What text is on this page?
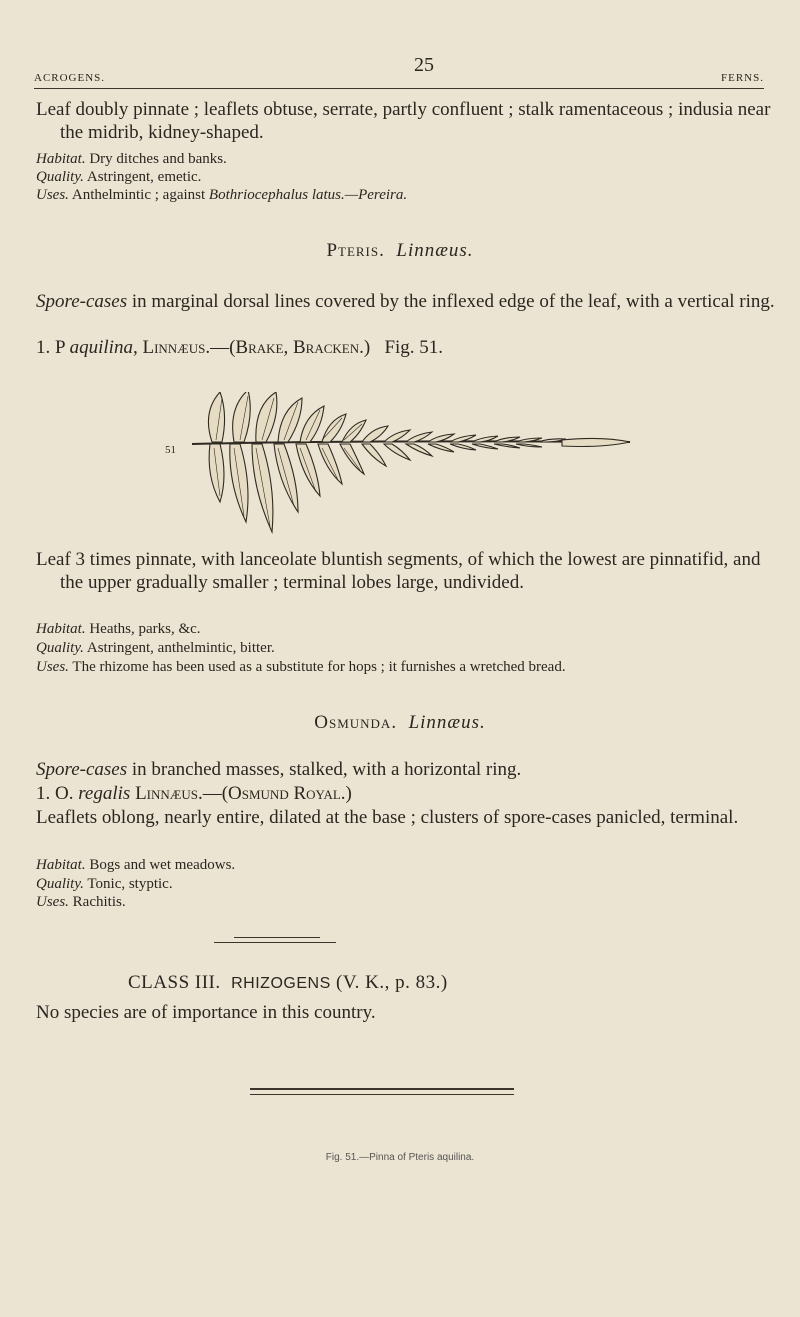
ACROGENS.
25
FERNS.

Leaf doubly pinnate ; leaflets obtuse, serrate, partly confluent ; stalk ramentaceous ; indusia near the midrib, kidney-shaped.

Habitat. Dry ditches and banks.

Quality. Astringent, emetic.

Uses. Anthelmintic ; against Bothriocephalus latus.—Pereira.

Pteris. Linnæus.

Spore-cases in marginal dorsal lines covered by the inflexed edge of the leaf, with a vertical ring.

1. P aquilina, Linnæus.—(Brake, Bracken.) Fig. 51.

51

Leaf 3 times pinnate, with lanceolate bluntish segments, of which the lowest are pinnatifid, and the upper gradually smaller ; terminal lobes large, undivided.

Habitat. Heaths, parks, &c.

Quality. Astringent, anthelmintic, bitter.

Uses. The rhizome has been used as a substitute for hops ; it furnishes a wretched bread.

Osmunda. Linnæus.

Spore-cases in branched masses, stalked, with a horizontal ring.

1. O. regalis Linnæus.—(Osmund Royal.)

Leaflets oblong, nearly entire, dilated at the base ; clusters of spore-cases panicled, terminal.

Habitat. Bogs and wet meadows.

Quality. Tonic, styptic.

Uses. Rachitis.

CLASS III. RHIZOGENS (V. K., p. 83.)

No species are of importance in this country.

Fig. 51.—Pinna of Pteris aquilina.
